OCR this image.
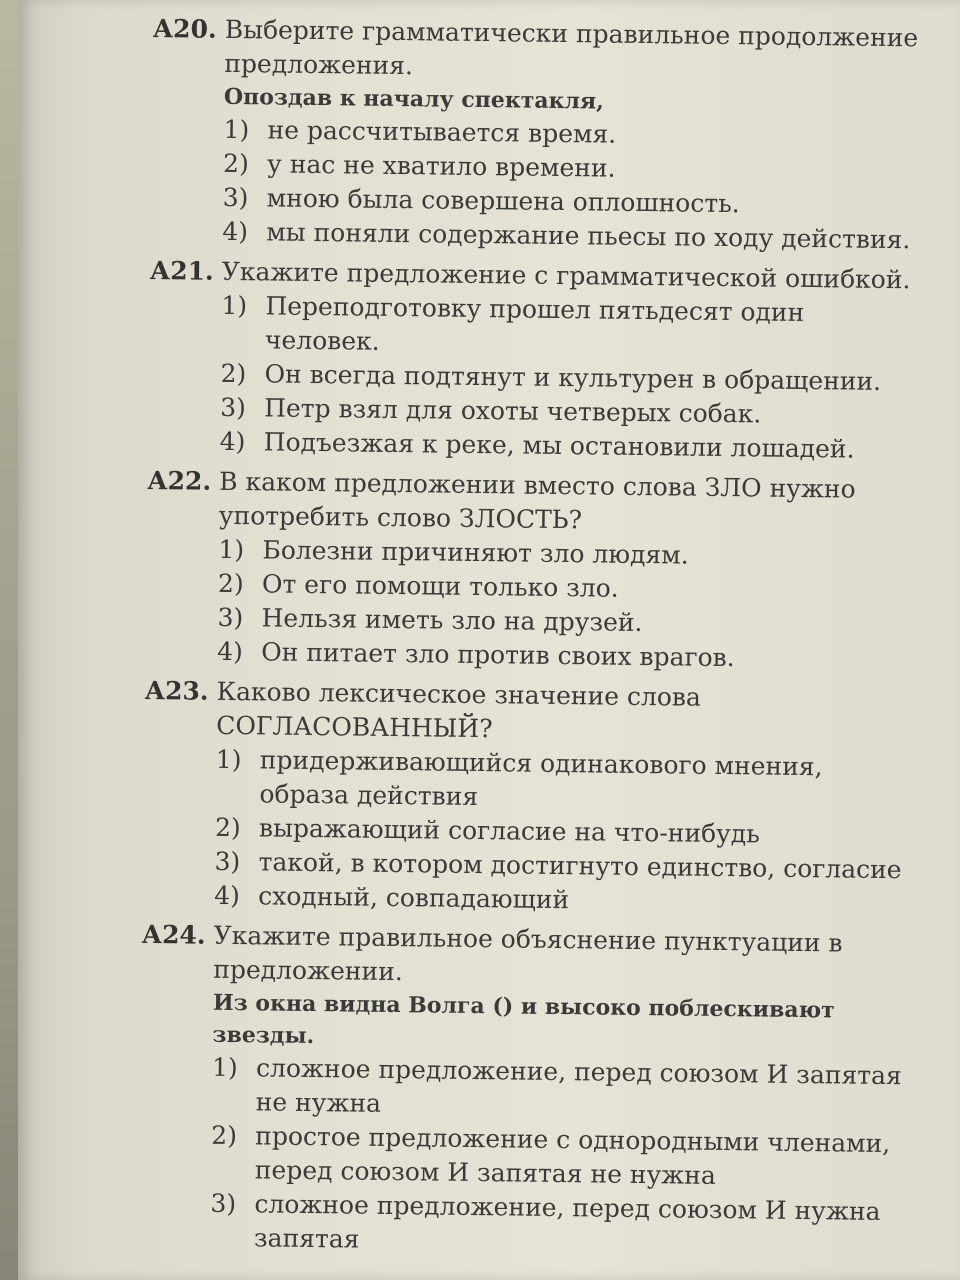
А20. Выберите грамматически правильное продолжение предложения.
Опоздав к началу спектакля,
1) не рассчитывается время.
2) у нас не хватило времени.
3) мною была совершена оплошность.
4) мы поняли содержание пьесы по ходу действия.
А21. Укажите предложение с грамматической ошибкой.
1) Переподготовку прошел пятьдесят один человек.
2) Он всегда подтянут и культурен в обращении.
3) Петр взял для охоты четверых собак.
4) Подъезжая к реке, мы остановили лошадей.
А22. В каком предложении вместо слова ЗЛО нужно употребить слово ЗЛОСТЬ?
1) Болезни причиняют зло людям.
2) От его помощи только зло.
3) Нельзя иметь зло на друзей.
4) Он питает зло против своих врагов.
А23. Каково лексическое значение слова СОГЛАСОВАННЫЙ?
1) придерживающийся одинакового мнения, образа действия
2) выражающий согласие на что-нибудь
3) такой, в котором достигнуто единство, согласие
4) сходный, совпадающий
А24. Укажите правильное объяснение пунктуации в предложении.
Из окна видна Волга () и высоко поблескивают звезды.
1) сложное предложение, перед союзом И запятая не нужна
2) простое предложение с однородными членами, перед союзом И запятая не нужна
3) сложное предложение, перед союзом И нужна запятая
